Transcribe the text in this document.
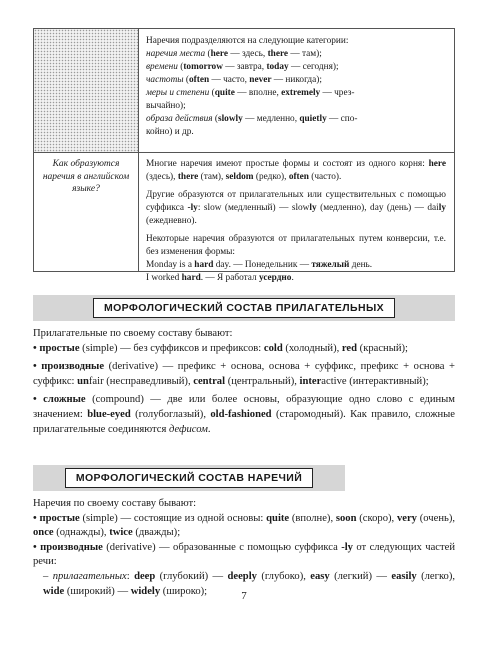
Наречия подразделяются на следующие категории:

наречия места (here — здесь, there — там);

времени (tomorrow — завтра, today — сегодня);

частоты (often — часто, never — никогда);

меры и степени (quite — вполне, extremely — чрез-
вычайно);

образа действия (slowly — медленно, quietly — спо-
койно) и др.

Как образуются наречия в английском языке?

Многие наречия имеют простые формы и состоят из одного корня: here (здесь), there (там), seldom (редко), often (часто).

Другие образуются от прилагательных или существительных с помощью суффикса -ly: slow (медленный) — slowly (медленно), day (день) — daily (ежедневно).

Некоторые наречия образуются от прилагательных путем конверсии, т.е. без изменения формы:

Monday is a hard day. — Понедельник — тяжелый день.

I worked hard. — Я работал усердно.

МОРФОЛОГИЧЕСКИЙ СОСТАВ ПРИЛАГАТЕЛЬНЫХ

Прилагательные по своему составу бывают:

• простые (simple) — без суффиксов и префиксов: cold (холодный), red (красный);

• производные (derivative) — префикс + основа, основа + суффикс, префикс + основа + суффикс: unfair (несправедливый), central (центральный), interactive (интерактивный);

• сложные (compound) — две или более основы, образующие одно слово с единым значением: blue-eyed (голубоглазый), old-fashioned (старомодный). Как правило, сложные прилагательные соединяются дефисом.

МОРФОЛОГИЧЕСКИЙ СОСТАВ НАРЕЧИЙ

Наречия по своему составу бывают:

• простые (simple) — состоящие из одной основы: quite (вполне), soon (скоро), very (очень), once (однажды), twice (дважды);

• производные (derivative) — образованные с помощью суффикса -ly от следующих частей речи:

– прилагательных: deep (глубокий) — deeply (глубоко), easy (легкий) — easily (легко), wide (широкий) — widely (широко);	7
